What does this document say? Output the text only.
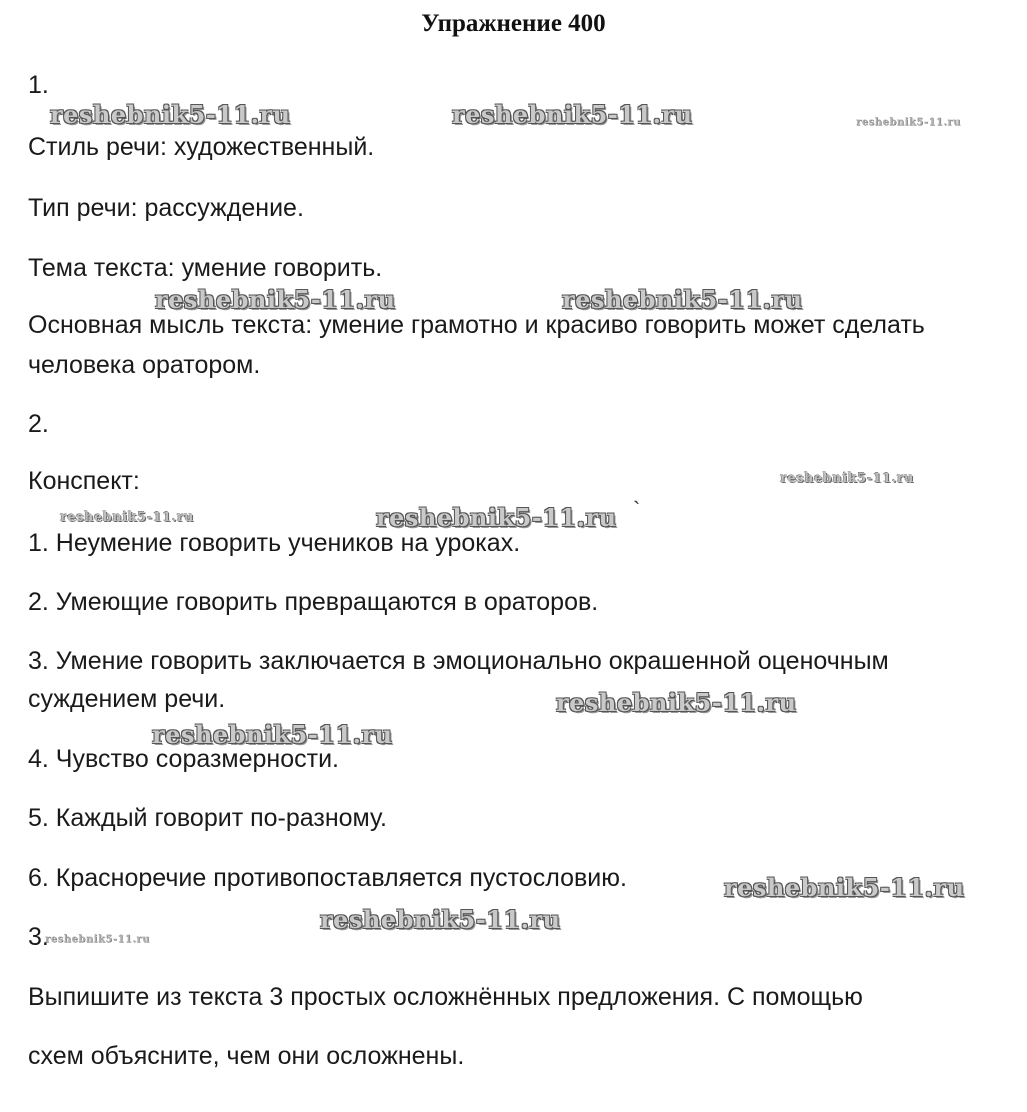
Упражнение 400
1.
reshebnik5-11.ru	reshebnik5-11.ru	reshebnik5-11.ru
Стиль речи: художественный.
Тип речи: рассуждение.
Тема текста: умение говорить.
reshebnik5-11.ru	reshebnik5-11.ru
Основная мысль текста: умение грамотно и красиво говорить может сделать
человека оратором.
2.
Конспект:	reshebnik5-11.ru
reshebnik5-11.ru	reshebnik5-11.ru `
1. Неумение говорить учеников на уроках.
2. Умеющие говорить превращаются в ораторов.
3. Умение говорить заключается в эмоционально окрашенной оценочным
суждением речи.	reshebnik5-11.ru
reshebnik5-11.ru
4. Чувство соразмерности.
5. Каждый говорит по-разному.
6. Красноречие противопоставляется пустословию.	reshebnik5-11.ru
reshebnik5-11.ru
3.
reshebnik5-11.ru
Выпишите из текста 3 простых осложнённых предложения. С помощью
схем объясните, чем они осложнены.
